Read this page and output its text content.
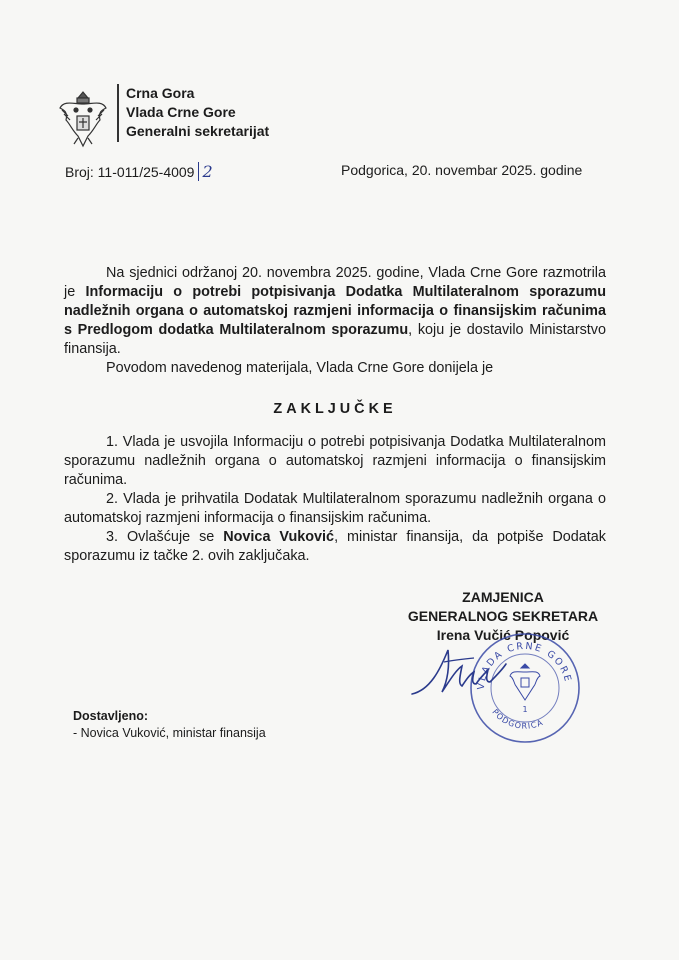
Crna Gora
Vlada Crne Gore
Generalni sekretarijat
Broj: 11-011/25-4009 2	Podgorica, 20. novembar 2025. godine

Na sjednici održanoj 20. novembra 2025. godine, Vlada Crne Gore razmotrila je Informaciju o potrebi potpisivanja Dodatka Multilateralnom sporazumu nadležnih organa o automatskoj razmjeni informacija o finansijskim računima s Predlogom dodatka Multilateralnom sporazumu, koju je dostavilo Ministarstvo finansija.

Povodom navedenog materijala, Vlada Crne Gore donijela je

ZAKLJUČKE

1. Vlada je usvojila Informaciju o potrebi potpisivanja Dodatka Multilateralnom sporazumu nadležnih organa o automatskoj razmjeni informacija o finansijskim računima.

2. Vlada je prihvatila Dodatak Multilateralnom sporazumu nadležnih organa o automatskoj razmjeni informacija o finansijskim računima.

3. Ovlašćuje se Novica Vuković, ministar finansija, da potpiše Dodatak sporazumu iz tačke 2. ovih zaključaka.

ZAMJENICA
GENERALNOG SEKRETARA
Irena Vučić Popović
VLADA CRNE GORE
PODGORICA
1
Dostavljeno:
- Novica Vuković, ministar finansija
